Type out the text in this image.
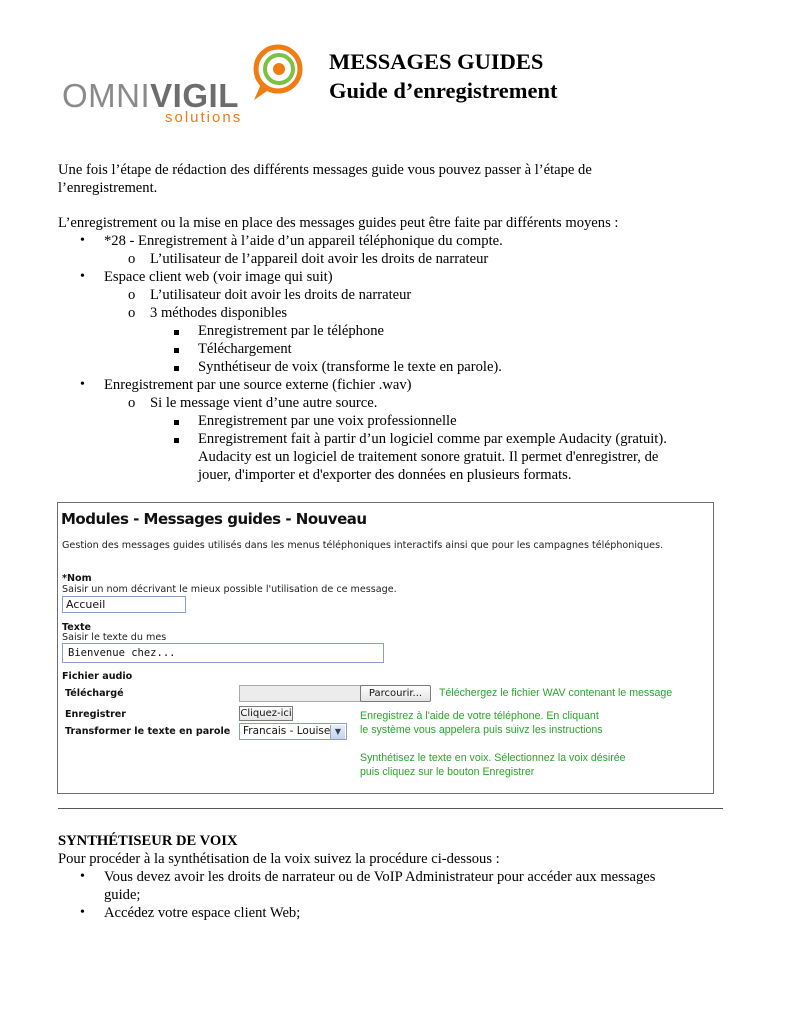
OMNIVIGIL
solutions
MESSAGES GUIDES
Guide d’enregistrement
Une fois l’étape de rédaction des différents messages guide vous pouvez passer à l’étape de
l’enregistrement.
L’enregistrement ou la mise en place des messages guides peut être faite par différents moyens :
• *28 - Enregistrement à l’aide d’un appareil téléphonique du compte.
o L’utilisateur de l’appareil doit avoir les droits de narrateur
• Espace client web (voir image qui suit)
o L’utilisateur doit avoir les droits de narrateur
o 3 méthodes disponibles
Enregistrement par le téléphone
Téléchargement
Synthétiseur de voix (transforme le texte en parole).
• Enregistrement par une source externe (fichier .wav)
o Si le message vient d’une autre source.
Enregistrement par une voix professionnelle
Enregistrement fait à partir d’un logiciel comme par exemple Audacity (gratuit).
Audacity est un logiciel de traitement sonore gratuit. Il permet d'enregistrer, de
jouer, d'importer et d'exporter des données en plusieurs formats.
Modules - Messages guides - Nouveau
Gestion des messages guides utilisés dans les menus téléphoniques interactifs ainsi que pour les campagnes téléphoniques.
*Nom
Saisir un nom décrivant le mieux possible l'utilisation de ce message.
Accueil
Texte
Saisir le texte du mes
Bienvenue chez...
Fichier audio
Téléchargé	Parcourir...	Téléchergez le fichier WAV contenant le message
Enregistrer	Cliquez-ici	Enregistrez à l'aide de votre téléphone. En cliquant
le système vous appelera puis suivz les instructions
Transformer le texte en parole Francais - Louise ▼
Synthétisez le texte en voix. Sélectionnez la voix désirée
puis cliquez sur le bouton Enregistrer
SYNTHÉTISEUR DE VOIX
Pour procéder à la synthétisation de la voix suivez la procédure ci-dessous :
• Vous devez avoir les droits de narrateur ou de VoIP Administrateur pour accéder aux messages
guide;
• Accédez votre espace client Web;
